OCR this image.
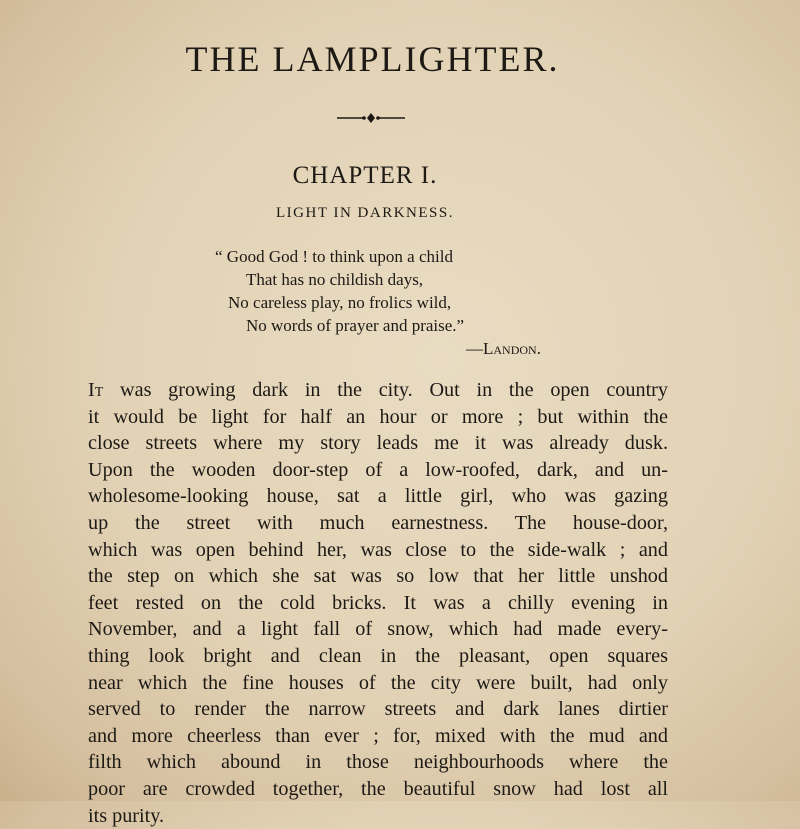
THE LAMPLIGHTER.
CHAPTER I.
LIGHT IN DARKNESS.
“ Good God ! to think upon a child
That has no childish days,
No careless play, no frolics wild,
No words of prayer and praise.”
—Landon.
It was growing dark in the city. Out in the open country
it would be light for half an hour or more ; but within the
close streets where my story leads me it was already dusk.
Upon the wooden door-step of a low-roofed, dark, and un-
wholesome-looking house, sat a little girl, who was gazing
up the street with much earnestness. The house-door,
which was open behind her, was close to the side-walk ; and
the step on which she sat was so low that her little unshod
feet rested on the cold bricks. It was a chilly evening in
November, and a light fall of snow, which had made every-
thing look bright and clean in the pleasant, open squares
near which the fine houses of the city were built, had only
served to render the narrow streets and dark lanes dirtier
and more cheerless than ever ; for, mixed with the mud and
filth which abound in those neighbourhoods where the
poor are crowded together, the beautiful snow had lost all
its purity.
